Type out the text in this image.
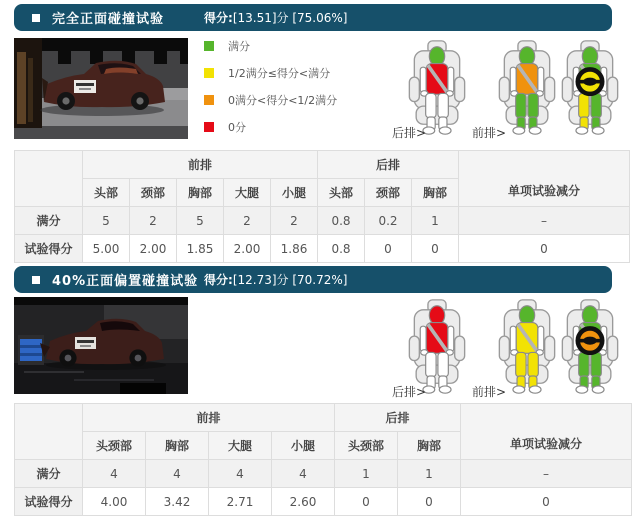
完全正面碰撞试验	得分:[13.51]分 [75.06%]
满分
1/2满分≤得分<满分
0满分<得分<1/2满分
0分	后排>	前排>
	前排					后排			单项试验减分
	头部	颈部	胸部	大腿	小腿	头部	颈部	胸部	
满分	5	2	5	2	2	0.8	0.2	1	–
试验得分	5.00	2.00	1.85	2.00	1.86	0.8	0	0	0
40%正面偏置碰撞试验 得分:[12.73]分 [70.72%]
后排>	前排>
	前排				后排		单项试验减分
	头颈部	胸部	大腿	小腿	头颈部	胸部	
满分	4	4	4	4	1	1	–
试验得分	4.00	3.42	2.71	2.60	0	0	0
